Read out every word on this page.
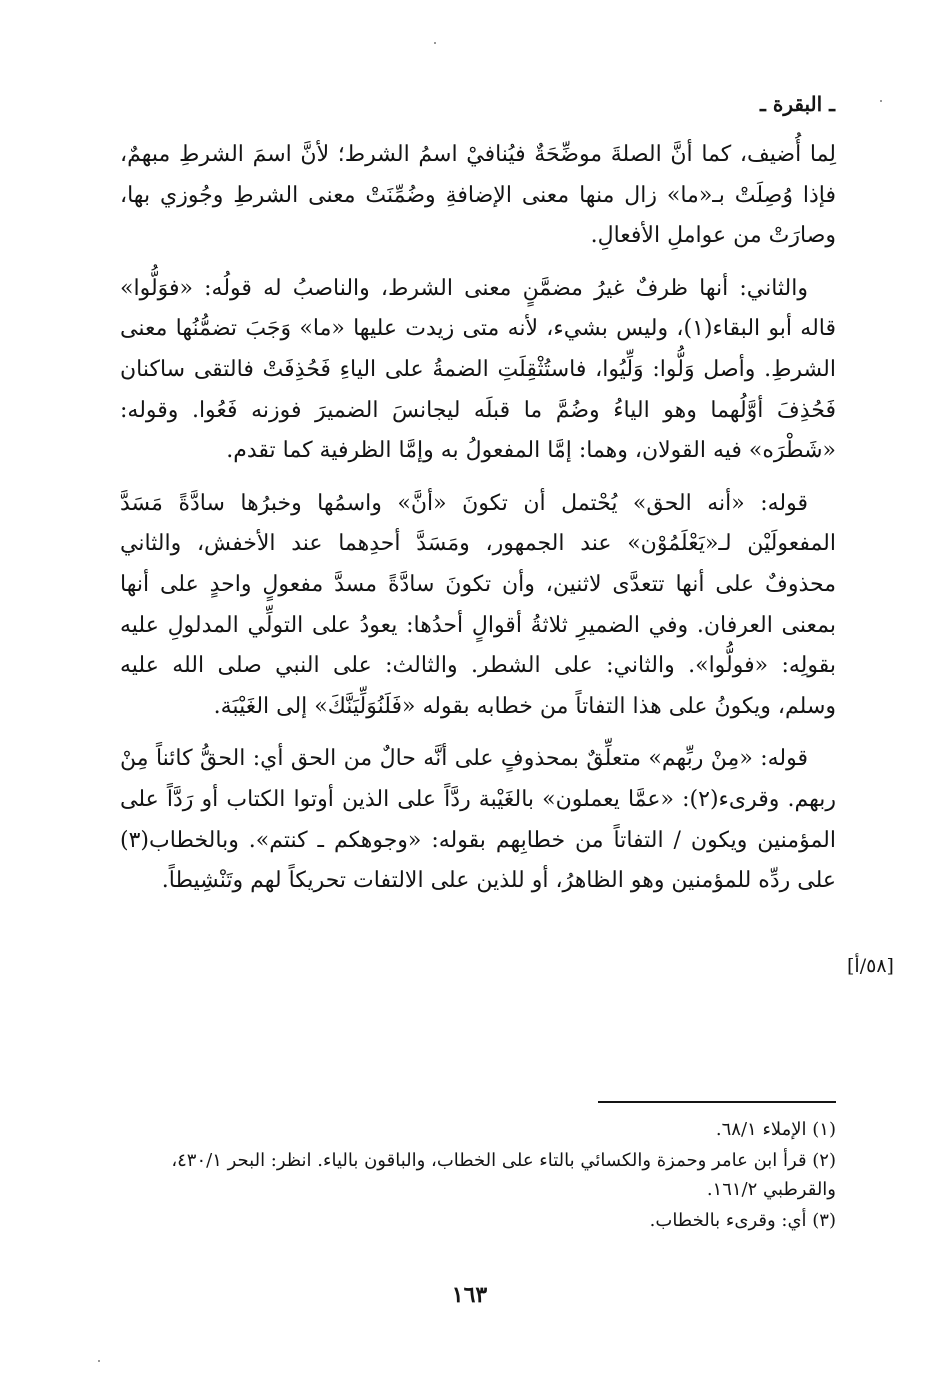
ـ البقرة ـ

لِما أُضيف، كما أنَّ الصلةَ موضِّحَةٌ فيُنافيْ اسمُ الشرط؛ لأنَّ اسمَ الشرطِ مبهمٌ، فإذا وُصِلَتْ بـ«ما» زال منها معنى الإضافةِ وضُمِّنَتْ معنى الشرطِ وجُوزي بها، وصارَتْ من عواملِ الأفعالِ.

والثاني: أنها ظرفٌ غيرُ مضمَّنٍ معنى الشرط، والناصبُ له قولُه: «فوَلُّوا» قاله أبو البقاء(١)، وليس بشيء، لأنه متى زيدت عليها «ما» وَجَبَ تضمُّنُها معنى الشرطِ. وأصل وَلُّوا: وَلِّيُوا، فاستُثْقِلَتِ الضمةُ على الياءِ فَحُذِفَتْ فالتقى ساكنان فَحُذِفَ أوَّلُهما وهو الياءُ وضُمَّ ما قبلَه ليجانسَ الضميرَ فوزنه فَعُوا. وقوله: «شَطْرَه» فيه القولان، وهما: إمَّا المفعولُ به وإمَّا الظرفية كما تقدم.

قوله: «أنه الحق» يُحْتمل أن تكونَ «أنَّ» واسمُها وخبرُها سادَّةً مَسَدَّ المفعولَيْن لـ«يَعْلَمُوْن» عند الجمهور، ومَسَدَّ أحدِهما عند الأخفش، والثاني محذوفٌ على أنها تتعدَّى لاثنين، وأن تكونَ سادَّةً مسدَّ مفعولٍ واحدٍ على أنها بمعنى العرفان. وفي الضميرِ ثلاثةُ أقوالٍ أحدُها: يعودُ على التولِّي المدلولِ عليه بقولِه: «فولُّوا». والثاني: على الشطر. والثالث: على النبي صلى الله عليه وسلم، ويكونُ على هذا التفاتاً من خطابه بقوله «فَلَنُوَلِّيَنَّكَ» إلى الغَيْبَة.

قوله: «مِنْ ربِّهم» متعلِّقٌ بمحذوفٍ على أنَّه حالٌ من الحق أي: الحقُّ كائناً مِنْ ربهم. وقرىء(٢): «عمَّا يعملون» بالغَيْبة ردَّاً على الذين أوتوا الكتاب أو رَدَّاً على المؤمنين ويكون / التفاتاً من خطابِهم بقوله: «وجوهكم ـ كنتم». وبالخطاب(٣) على ردِّه للمؤمنين وهو الظاهرُ، أو للذين على الالتفات تحريكاً لهم وتَنْشِيطاً.

[٥٨/أ]

(١) الإملاء ٦٨/١.

(٢) قرأ ابن عامر وحمزة والكسائي بالتاء على الخطاب، والباقون بالياء. انظر: البحر ٤٣٠/١، والقرطبي ١٦١/٢.

(٣) أي: وقرىء بالخطاب.

١٦٣
